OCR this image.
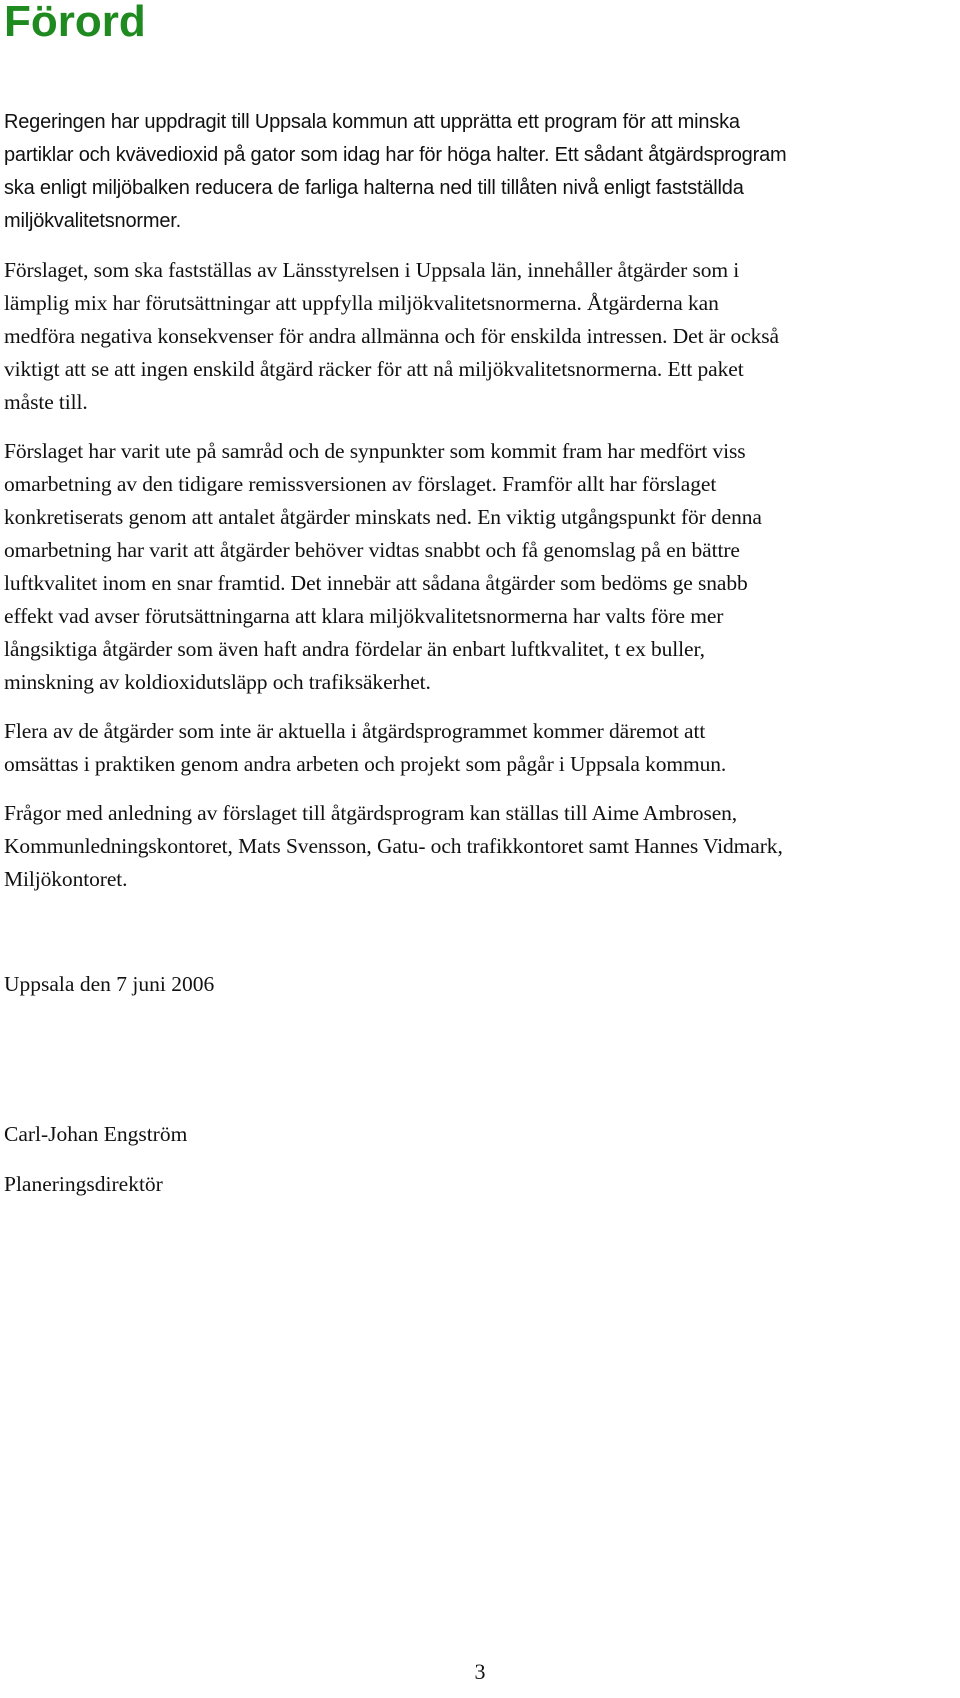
Förord

Regeringen har uppdragit till Uppsala kommun att upprätta ett program för att minska
partiklar och kvävedioxid på gator som idag har för höga halter. Ett sådant åtgärdsprogram
ska enligt miljöbalken reducera de farliga halterna ned till tillåten nivå enligt fastställda
miljökvalitetsnormer.

Förslaget, som ska fastställas av Länsstyrelsen i Uppsala län, innehåller åtgärder som i
lämplig mix har förutsättningar att uppfylla miljökvalitetsnormerna. Åtgärderna kan
medföra negativa konsekvenser för andra allmänna och för enskilda intressen. Det är också
viktigt att se att ingen enskild åtgärd räcker för att nå miljökvalitetsnormerna. Ett paket
måste till.

Förslaget har varit ute på samråd och de synpunkter som kommit fram har medfört viss
omarbetning av den tidigare remissversionen av förslaget. Framför allt har förslaget
konkretiserats genom att antalet åtgärder minskats ned. En viktig utgångspunkt för denna
omarbetning har varit att åtgärder behöver vidtas snabbt och få genomslag på en bättre
luftkvalitet inom en snar framtid. Det innebär att sådana åtgärder som bedöms ge snabb
effekt vad avser förutsättningarna att klara miljökvalitetsnormerna har valts före mer
långsiktiga åtgärder som även haft andra fördelar än enbart luftkvalitet, t ex buller,
minskning av koldioxidutsläpp och trafiksäkerhet.

Flera av de åtgärder som inte är aktuella i åtgärdsprogrammet kommer däremot att
omsättas i praktiken genom andra arbeten och projekt som pågår i Uppsala kommun.

Frågor med anledning av förslaget till åtgärdsprogram kan ställas till Aime Ambrosen,
Kommunledningskontoret, Mats Svensson, Gatu- och trafikkontoret samt Hannes Vidmark,
Miljökontoret.

Uppsala den 7 juni 2006

Carl-Johan Engström

Planeringsdirektör

3
